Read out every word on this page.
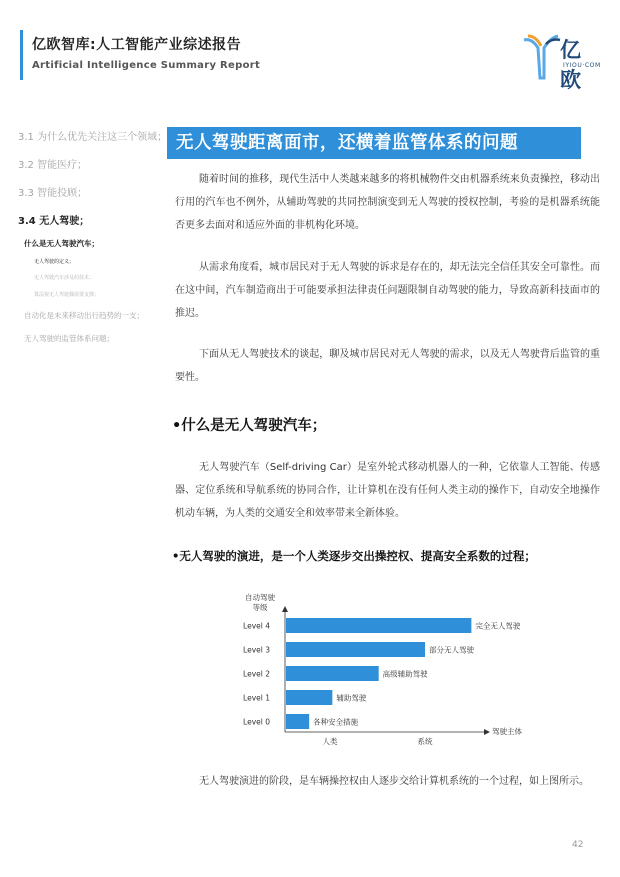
亿欧智库:人工智能产业综述报告
Artificial Intelligence Summary Report
亿欧
IYIOU·COM
3.1 为什么优先关注这三个领域；
3.2 智能医疗；
3.3 智能投顾；
3.4 无人驾驶；
什么是无人驾驶汽车；
无人驾驶的定义；
无人驾驶汽车涉及的技术；
算法视无人驾驶偶需要支撑；
自动化是未来移动出行趋势的一支；
无人驾驶的监管体系问题；
无人驾驶距离面市，还横着监管体系的问题
随着时间的推移，现代生活中人类越来越多的将机械物件交由机器系统来负责操控，移动出行用的汽车也不例外，从辅助驾驶的共同控制演变到无人驾驶的授权控制，考验的是机器系统能否更多去面对和适应外面的非机构化环境。
从需求角度看，城市居民对于无人驾驶的诉求是存在的，却无法完全信任其安全可靠性。而在这中间，汽车制造商出于可能要承担法律责任问题限制自动驾驶的能力，导致高新科技面市的推迟。
下面从无人驾驶技术的谈起，聊及城市居民对无人驾驶的需求，以及无人驾驶背后监管的重要性。
•什么是无人驾驶汽车；
无人驾驶汽车（Self-driving Car）是室外轮式移动机器人的一种，它依靠人工智能、传感器、定位系统和导航系统的协同合作，让计算机在没有任何人类主动的操作下，自动安全地操作机动车辆，为人类的交通安全和效率带来全新体验。
•无人驾驶的演进，是一个人类逐步交出操控权、提高安全系数的过程；
自动驾驶
等级
驾驶主体
人类	系统
Level 4	完全无人驾驶
Level 3	部分无人驾驶
Level 2	高级辅助驾驶
Level 1	辅助驾驶
Level 0	各种安全措施
无人驾驶演进的阶段，是车辆操控权由人逐步交给计算机系统的一个过程，如上图所示。
42
